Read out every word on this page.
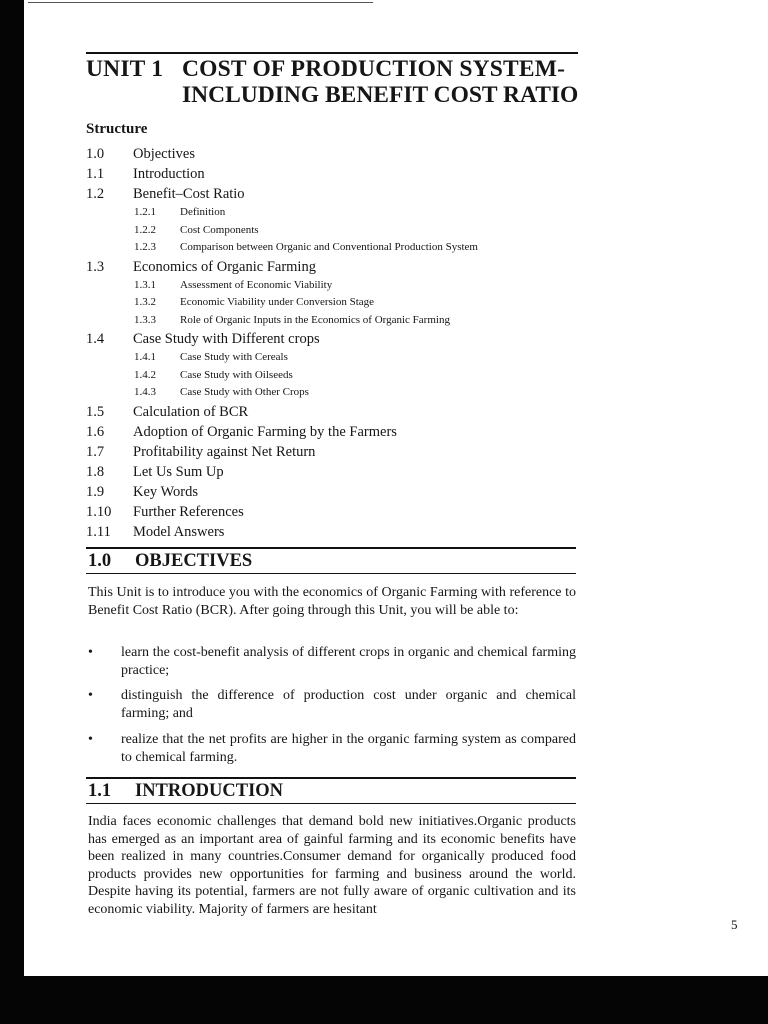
UNIT 1 COST OF PRODUCTION SYSTEM-
INCLUDING BENEFIT COST RATIO
Structure
1.0 Objectives
1.1 Introduction
1.2 Benefit–Cost Ratio
1.2.1 Definition
1.2.2 Cost Components
1.2.3 Comparison between Organic and Conventional Production System
1.3 Economics of Organic Farming
1.3.1 Assessment of Economic Viability
1.3.2 Economic Viability under Conversion Stage
1.3.3 Role of Organic Inputs in the Economics of Organic Farming
1.4 Case Study with Different crops
1.4.1 Case Study with Cereals
1.4.2 Case Study with Oilseeds
1.4.3 Case Study with Other Crops
1.5 Calculation of BCR
1.6 Adoption of Organic Farming by the Farmers
1.7 Profitability against Net Return
1.8 Let Us Sum Up
1.9 Key Words
1.10 Further References
1.11 Model Answers
1.0 OBJECTIVES
This Unit is to introduce you with the economics of Organic Farming with reference to Benefit Cost Ratio (BCR). After going through this Unit, you will be able to:
• learn the cost-benefit analysis of different crops in organic and chemical farming practice;
• distinguish the difference of production cost under organic and chemical farming; and
• realize that the net profits are higher in the organic farming system as compared to chemical farming.
1.1 INTRODUCTION
India faces economic challenges that demand bold new initiatives.Organic products has emerged as an important area of gainful farming and its economic benefits have been realized in many countries.Consumer demand for organically produced food products provides new opportunities for farming and business around the world. Despite having its potential, farmers are not fully aware of organic cultivation and its economic viability. Majority of farmers are hesitant
5
